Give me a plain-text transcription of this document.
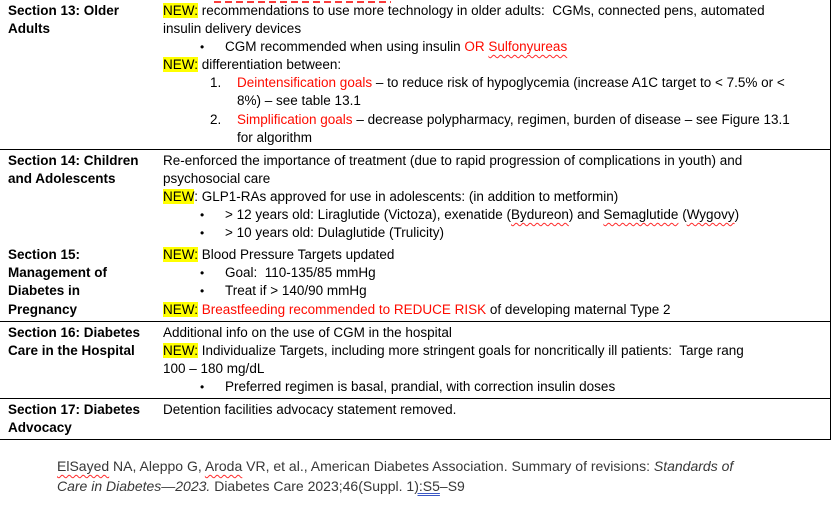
Section 13: Older
Adults
NEW: recommendations to use more technology in older adults:  CGMs, connected pens, automated
insulin delivery devices
• CGM recommended when using insulin OR Sulfonyureas
NEW: differentiation between:
1. Deintensification goals – to reduce risk of hypoglycemia (increase A1C target to < 7.5% or <
8%) – see table 13.1
2. Simplification goals – decrease polypharmacy, regimen, burden of disease – see Figure 13.1
for algorithm
Section 14: Children
and Adolescents
Re-enforced the importance of treatment (due to rapid progression of complications in youth) and
psychosocial care
NEW: GLP1-RAs approved for use in adolescents: (in addition to metformin)
• > 12 years old: Liraglutide (Victoza), exenatide (Bydureon) and Semaglutide (Wygovy)
• > 10 years old: Dulaglutide (Trulicity)
Section 15:
Management of
Diabetes in
Pregnancy
NEW: Blood Pressure Targets updated
• Goal:  110-135/85 mmHg
• Treat if > 140/90 mmHg
NEW: Breastfeeding recommended to REDUCE RISK of developing maternal Type 2
Section 16: Diabetes
Care in the Hospital
Additional info on the use of CGM in the hospital
NEW: Individualize Targets, including more stringent goals for noncritically ill patients:  Targe rang
100 – 180 mg/dL
• Preferred regimen is basal, prandial, with correction insulin doses
Section 17: Diabetes
Advocacy
Detention facilities advocacy statement removed.
ElSayed NA, Aleppo G, Aroda VR, et al., American Diabetes Association. Summary of revisions: Standards of
Care in Diabetes—2023. Diabetes Care 2023;46(Suppl. 1):S5–S9
